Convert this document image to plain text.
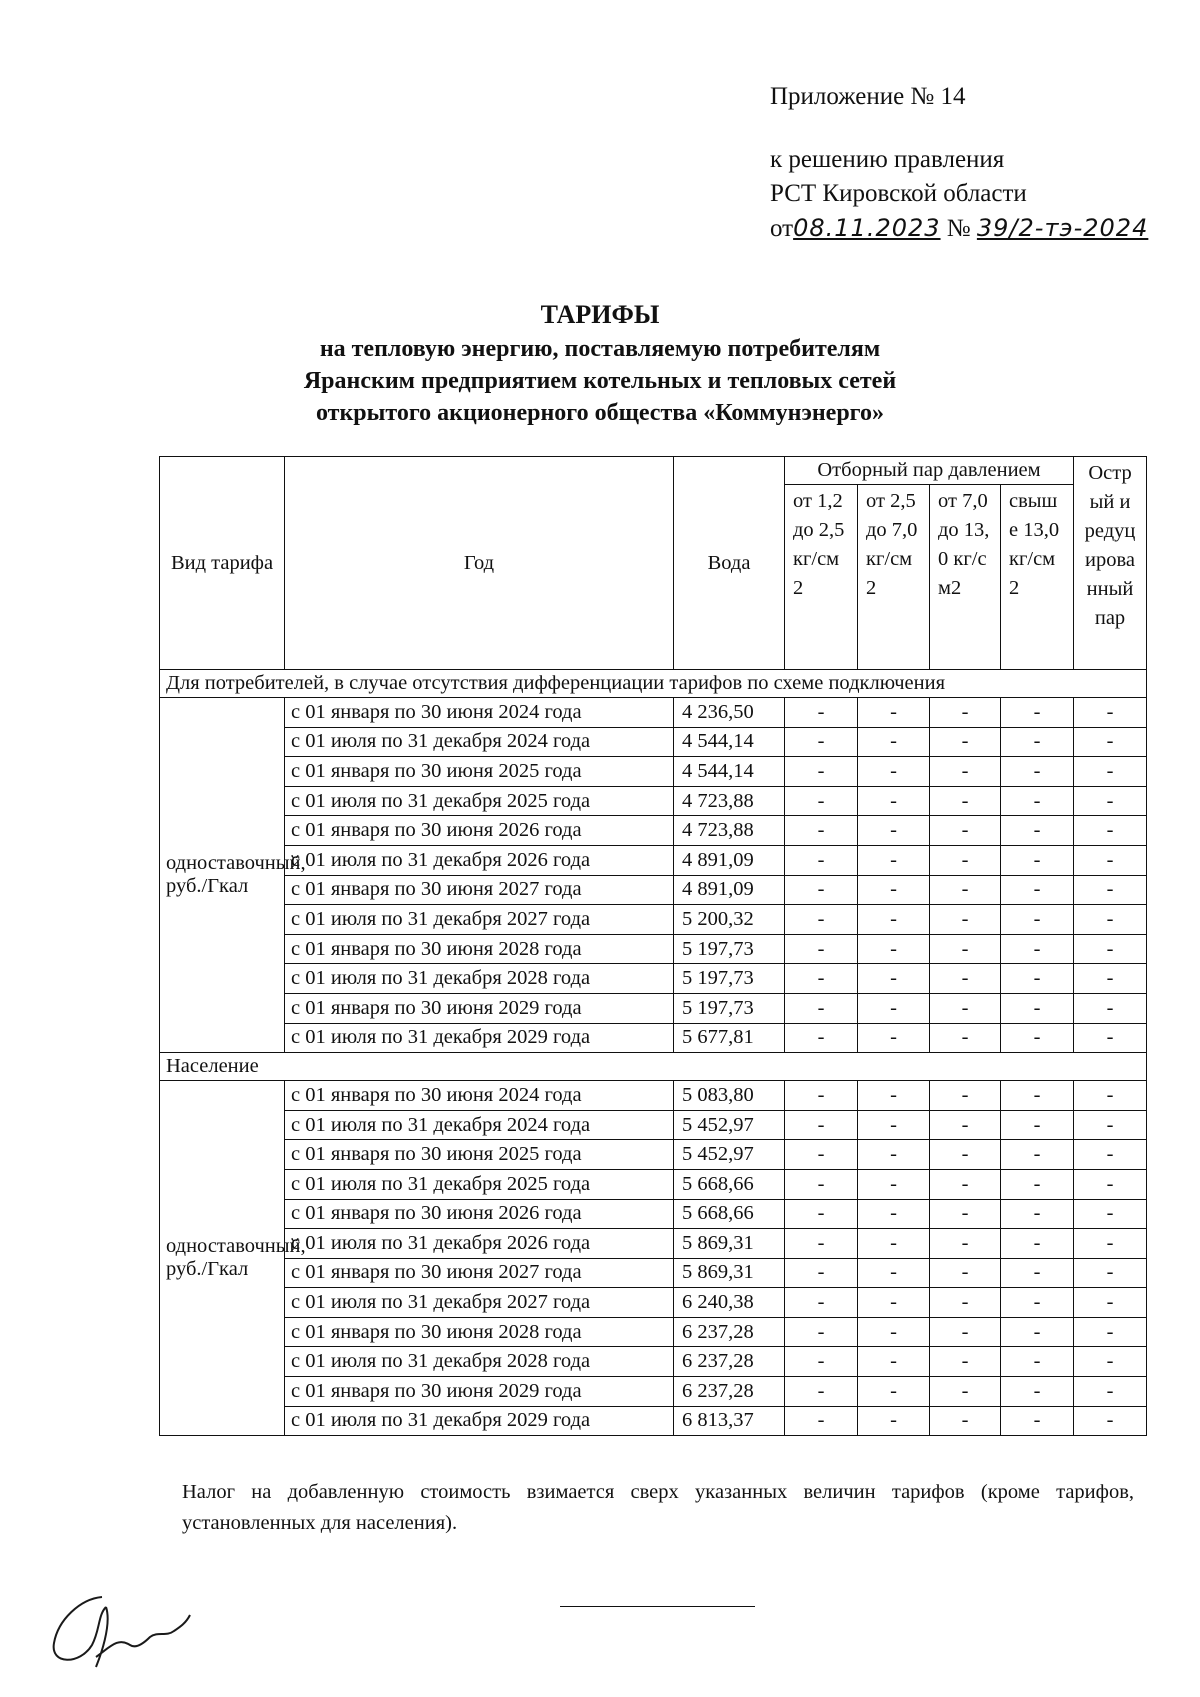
Приложение № 14
к решению правления
РСТ Кировской области
от08.11.2023 № 39/2-тэ-2024
ТАРИФЫ
на тепловую энергию, поставляемую потребителям
Яранским предприятием котельных и тепловых сетей
открытого акционерного общества «Коммунэнерго»
Вид тарифа	Год	Вода	Отборный пар давлением				Острый и редуцированный пар
			от 1,2 до 2,5 кг/см2	от 2,5 до 7,0 кг/см2	от 7,0 до 13,0 кг/см2	свыше 13,0 кг/см2	
Для потребителей, в случае отсутствия дифференциации тарифов по схеме подключения							
одноставочный, руб./Гкал	с 01 января по 30 июня 2024 года	4 236,50	-	-	-	-	-
	с 01 июля по 31 декабря 2024 года	4 544,14	-	-	-	-	-
	с 01 января по 30 июня 2025 года	4 544,14	-	-	-	-	-
	с 01 июля по 31 декабря 2025 года	4 723,88	-	-	-	-	-
	с 01 января по 30 июня 2026 года	4 723,88	-	-	-	-	-
	с 01 июля по 31 декабря 2026 года	4 891,09	-	-	-	-	-
	с 01 января по 30 июня 2027 года	4 891,09	-	-	-	-	-
	с 01 июля по 31 декабря 2027 года	5 200,32	-	-	-	-	-
	с 01 января по 30 июня 2028 года	5 197,73	-	-	-	-	-
	с 01 июля по 31 декабря 2028 года	5 197,73	-	-	-	-	-
	с 01 января по 30 июня 2029 года	5 197,73	-	-	-	-	-
	с 01 июля по 31 декабря 2029 года	5 677,81	-	-	-	-	-
Население							
одноставочный, руб./Гкал	с 01 января по 30 июня 2024 года	5 083,80	-	-	-	-	-
	с 01 июля по 31 декабря 2024 года	5 452,97	-	-	-	-	-
	с 01 января по 30 июня 2025 года	5 452,97	-	-	-	-	-
	с 01 июля по 31 декабря 2025 года	5 668,66	-	-	-	-	-
	с 01 января по 30 июня 2026 года	5 668,66	-	-	-	-	-
	с 01 июля по 31 декабря 2026 года	5 869,31	-	-	-	-	-
	с 01 января по 30 июня 2027 года	5 869,31	-	-	-	-	-
	с 01 июля по 31 декабря 2027 года	6 240,38	-	-	-	-	-
	с 01 января по 30 июня 2028 года	6 237,28	-	-	-	-	-
	с 01 июля по 31 декабря 2028 года	6 237,28	-	-	-	-	-
	с 01 января по 30 июня 2029 года	6 237,28	-	-	-	-	-
	с 01 июля по 31 декабря 2029 года	6 813,37	-	-	-	-	-
Налог на добавленную стоимость взимается сверх указанных величин тарифов (кроме тарифов, установленных для населения).
